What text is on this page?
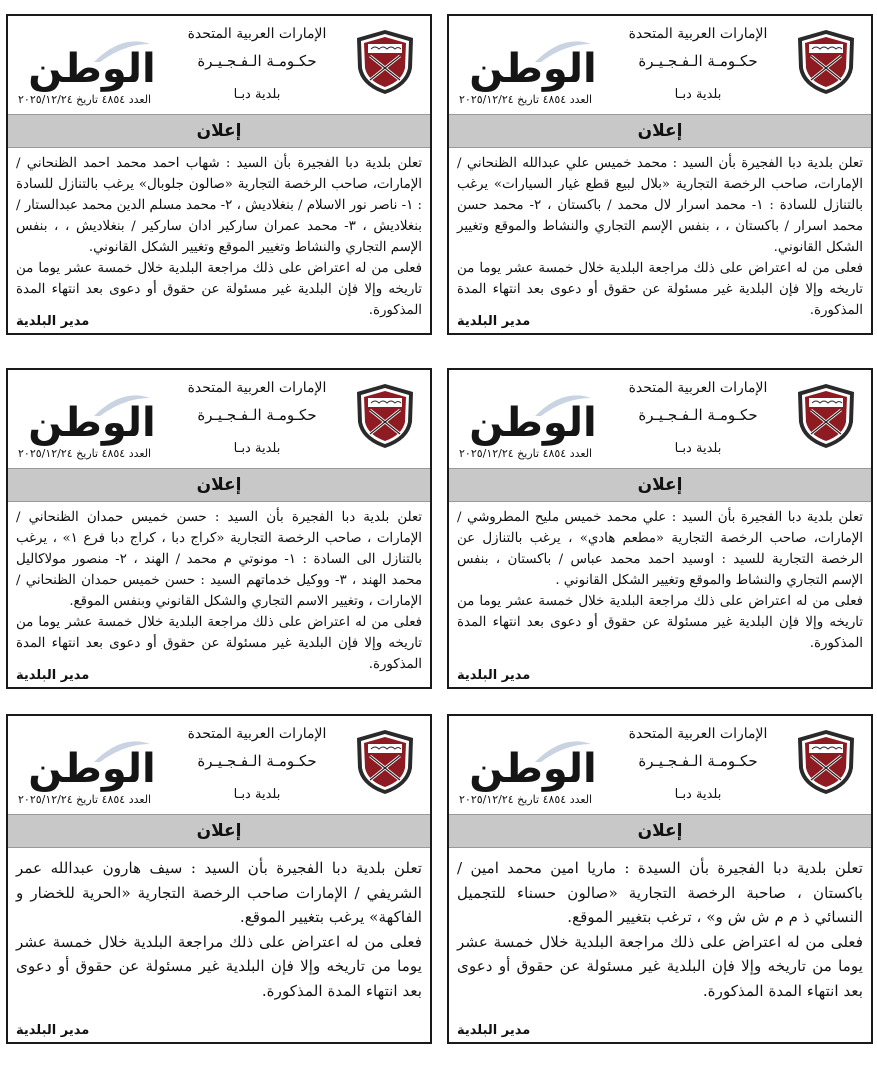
الإمارات العربية المتحدة
حكـومـة الـفـجـيـرة
بلدية دبـا
الوطن
العدد ٤٨٥٤ تاريخ ٢٠٢٥/١٢/٢٤
إعلان

تعلن بلدية دبا الفجيرة بأن السيد : محمد خميس علي عبدالله الظنحاني / الإمارات، صاحب الرخصة التجارية «بلال لبيع قطع غيار السيارات» يرغب بالتنازل للسادة : ١- محمد اسرار لال محمد / باكستان ، ٢- محمد حسن محمد اسرار / باكستان ، ، بنفس الإسم التجاري والنشاط والموقع وتغيير الشكل القانوني.

فعلى من له اعتراض على ذلك مراجعة البلدية خلال خمسة عشر يوما من تاريخه وإلا فإن البلدية غير مسئولة عن حقوق أو دعوى بعد انتهاء المدة المذكورة.

مدير البلدية
الإمارات العربية المتحدة
حكـومـة الـفـجـيـرة
بلدية دبـا
الوطن
العدد ٤٨٥٤ تاريخ ٢٠٢٥/١٢/٢٤
إعلان

تعلن بلدية دبا الفجيرة بأن السيد : شهاب احمد محمد احمد الظنحاني / الإمارات، صاحب الرخصة التجارية «صالون جلوبال» يرغب بالتنازل للسادة : ١- ناصر نور الاسلام / بنغلاديش ، ٢- محمد مسلم الدين محمد عبدالستار / بنغلاديش ، ٣- محمد عمران ساركير ادان ساركير / بنغلاديش ، ، بنفس الإسم التجاري والنشاط وتغيير الموقع وتغيير الشكل القانوني.

فعلى من له اعتراض على ذلك مراجعة البلدية خلال خمسة عشر يوما من تاريخه وإلا فإن البلدية غير مسئولة عن حقوق أو دعوى بعد انتهاء المدة المذكورة.

مدير البلدية
الإمارات العربية المتحدة
حكـومـة الـفـجـيـرة
بلدية دبـا
الوطن
العدد ٤٨٥٤ تاريخ ٢٠٢٥/١٢/٢٤
إعلان

تعلن بلدية دبا الفجيرة بأن السيد : علي محمد خميس مليح المطروشي / الإمارات، صاحب الرخصة التجارية «مطعم هادي» ، يرغب بالتنازل عن الرخصة التجارية للسيد : اوسيد احمد محمد عباس / باكستان ، بنفس الإسم التجاري والنشاط والموقع وتغيير الشكل القانوني .

فعلى من له اعتراض على ذلك مراجعة البلدية خلال خمسة عشر يوما من تاريخه وإلا فإن البلدية غير مسئولة عن حقوق أو دعوى بعد انتهاء المدة المذكورة.

مدير البلدية
الإمارات العربية المتحدة
حكـومـة الـفـجـيـرة
بلدية دبـا
الوطن
العدد ٤٨٥٤ تاريخ ٢٠٢٥/١٢/٢٤
إعلان

تعلن بلدية دبا الفجيرة بأن السيد : حسن خميس حمدان الظنحاني / الإمارات ، صاحب الرخصة التجارية «كراج دبا ، كراج دبا فرع ١» ، يرغب بالتنازل الى السادة : ١- مونوتي م محمد / الهند ، ٢- منصور مولاكاليل محمد الهند ، ٣- ووكيل خدماتهم السيد : حسن خميس حمدان الظنحاني / الإمارات ، وتغيير الاسم التجاري والشكل القانوني وبنفس الموقع.

فعلى من له اعتراض على ذلك مراجعة البلدية خلال خمسة عشر يوما من تاريخه وإلا فإن البلدية غير مسئولة عن حقوق أو دعوى بعد انتهاء المدة المذكورة.

مدير البلدية
الإمارات العربية المتحدة
حكـومـة الـفـجـيـرة
بلدية دبـا
الوطن
العدد ٤٨٥٤ تاريخ ٢٠٢٥/١٢/٢٤
إعلان

تعلن بلدية دبا الفجيرة بأن السيدة : ماريا امين محمد امين / باكستان ، صاحبة الرخصة التجارية «صالون حسناء للتجميل النسائي ذ م م ش ش و» ، ترغب بتغيير الموقع.

فعلى من له اعتراض على ذلك مراجعة البلدية خلال خمسة عشر يوما من تاريخه وإلا فإن البلدية غير مسئولة عن حقوق أو دعوى بعد انتهاء المدة المذكورة.

مدير البلدية
الإمارات العربية المتحدة
حكـومـة الـفـجـيـرة
بلدية دبـا
الوطن
العدد ٤٨٥٤ تاريخ ٢٠٢٥/١٢/٢٤
إعلان

تعلن بلدية دبا الفجيرة بأن السيد : سيف هارون عبدالله عمر الشريفي / الإمارات صاحب الرخصة التجارية «الحرية للخضار و الفاكهة» يرغب بتغيير الموقع.

فعلى من له اعتراض على ذلك مراجعة البلدية خلال خمسة عشر يوما من تاريخه وإلا فإن البلدية غير مسئولة عن حقوق أو دعوى بعد انتهاء المدة المذكورة.

مدير البلدية
